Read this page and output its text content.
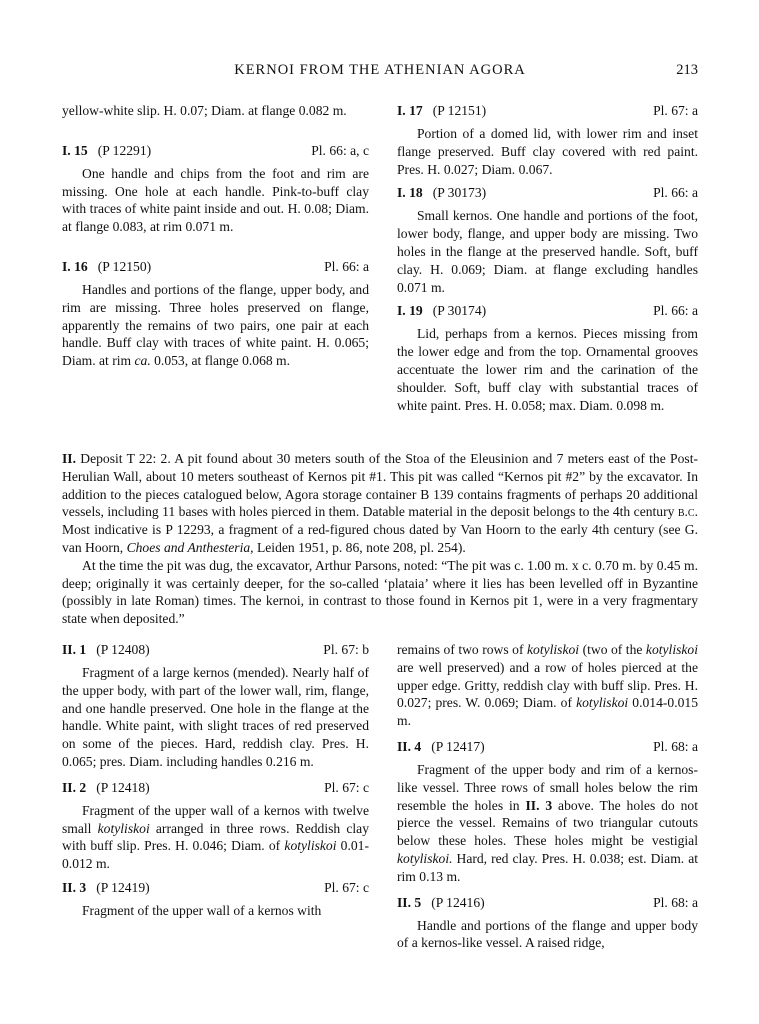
KERNOI FROM THE ATHENIAN AGORA	213

yellow-white slip. H. 0.07; Diam. at flange 0.082 m.

I. 15 (P 12291)	Pl. 66: a, c

One handle and chips from the foot and rim are missing. One hole at each handle. Pink-to-buff clay with traces of white paint inside and out. H. 0.08; Diam. at flange 0.083, at rim 0.071 m.

I. 16 (P 12150)	Pl. 66: a

Handles and portions of the flange, upper body, and rim are missing. Three holes preserved on flange, apparently the remains of two pairs, one pair at each handle. Buff clay with traces of white paint. H. 0.065; Diam. at rim ca. 0.053, at flange 0.068 m.

I. 17 (P 12151)	Pl. 67: a

Portion of a domed lid, with lower rim and inset flange preserved. Buff clay covered with red paint. Pres. H. 0.027; Diam. 0.067.

I. 18 (P 30173)	Pl. 66: a

Small kernos. One handle and portions of the foot, lower body, flange, and upper body are missing. Two holes in the flange at the preserved handle. Soft, buff clay. H. 0.069; Diam. at flange excluding handles 0.071 m.

I. 19 (P 30174)	Pl. 66: a

Lid, perhaps from a kernos. Pieces missing from the lower edge and from the top. Ornamental grooves accentuate the lower rim and the carination of the shoulder. Soft, buff clay with substantial traces of white paint. Pres. H. 0.058; max. Diam. 0.098 m.

II. Deposit T 22: 2. A pit found about 30 meters south of the Stoa of the Eleusinion and 7 meters east of the Post-Herulian Wall, about 10 meters southeast of Kernos pit #1. This pit was called “Kernos pit #2” by the excavator. In addition to the pieces catalogued below, Agora storage container B 139 contains fragments of perhaps 20 additional vessels, including 11 bases with holes pierced in them. Datable material in the deposit belongs to the 4th century b.c. Most indicative is P 12293, a fragment of a red-figured chous dated by Van Hoorn to the early 4th century (see G. van Hoorn, Choes and Anthesteria, Leiden 1951, p. 86, note 208, pl. 254).

At the time the pit was dug, the excavator, Arthur Parsons, noted: “The pit was c. 1.00 m. x c. 0.70 m. by 0.45 m. deep; originally it was certainly deeper, for the so-called ‘plataia’ where it lies has been levelled off in Byzantine (possibly in late Roman) times. The kernoi, in contrast to those found in Kernos pit 1, were in a very fragmentary state when deposited.”

II. 1 (P 12408)	Pl. 67: b

Fragment of a large kernos (mended). Nearly half of the upper body, with part of the lower wall, rim, flange, and one handle preserved. One hole in the flange at the handle. White paint, with slight traces of red preserved on some of the pieces. Hard, reddish clay. Pres. H. 0.065; pres. Diam. including handles 0.216 m.

II. 2 (P 12418)	Pl. 67: c

Fragment of the upper wall of a kernos with twelve small kotyliskoi arranged in three rows. Reddish clay with buff slip. Pres. H. 0.046; Diam. of kotyliskoi 0.01-0.012 m.

II. 3 (P 12419)	Pl. 67: c

Fragment of the upper wall of a kernos with

remains of two rows of kotyliskoi (two of the kotyliskoi are well preserved) and a row of holes pierced at the upper edge. Gritty, reddish clay with buff slip. Pres. H. 0.027; pres. W. 0.069; Diam. of kotyliskoi 0.014-0.015 m.

II. 4 (P 12417)	Pl. 68: a

Fragment of the upper body and rim of a kernos-like vessel. Three rows of small holes below the rim resemble the holes in II. 3 above. The holes do not pierce the vessel. Remains of two triangular cutouts below these holes. These holes might be vestigial kotyliskoi. Hard, red clay. Pres. H. 0.038; est. Diam. at rim 0.13 m.

II. 5 (P 12416)	Pl. 68: a

Handle and portions of the flange and upper body of a kernos-like vessel. A raised ridge,
